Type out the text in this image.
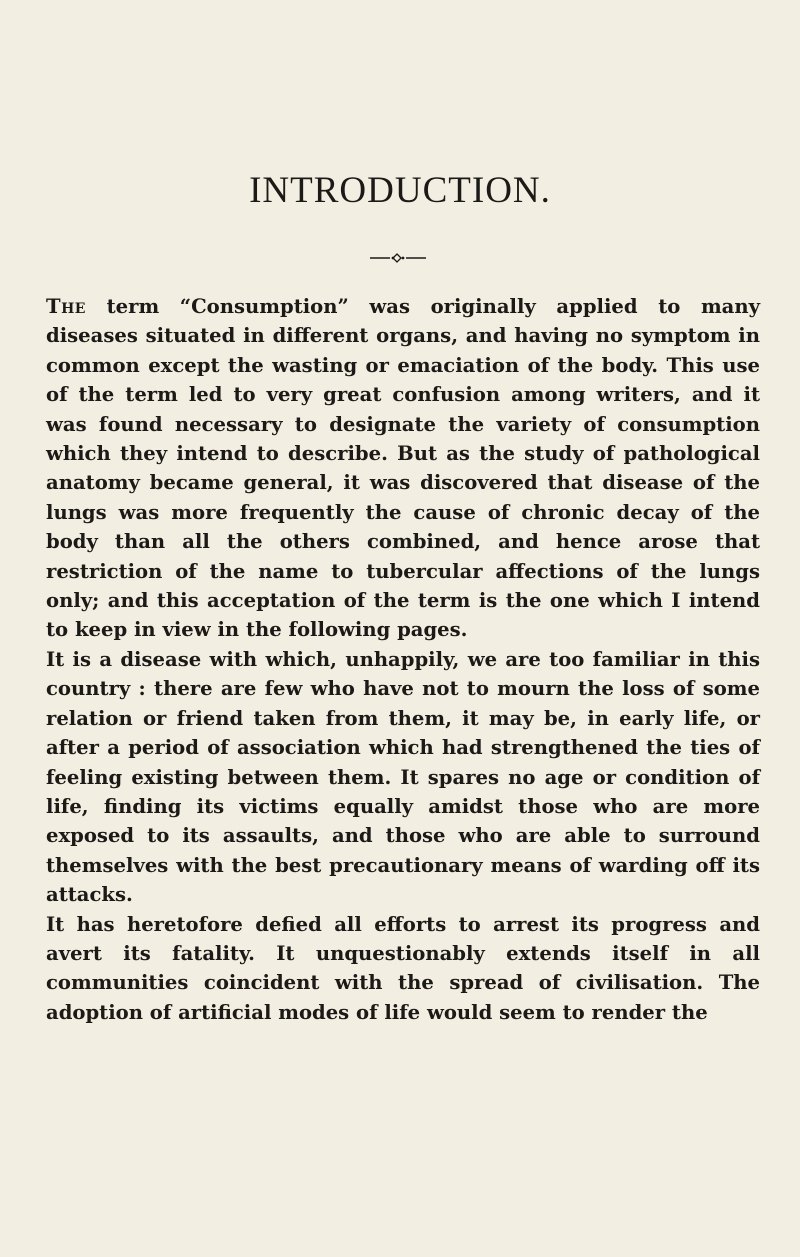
INTRODUCTION.

The term “Consumption” was originally applied to many diseases situated in different organs, and having no symptom in common except the wasting or emaciation of the body. This use of the term led to very great confusion among writers, and it was found necessary to designate the variety of consumption which they intend to describe. But as the study of pathological anatomy became general, it was discovered that disease of the lungs was more frequently the cause of chronic decay of the body than all the others combined, and hence arose that restriction of the name to tubercular affections of the lungs only; and this acceptation of the term is the one which I intend to keep in view in the following pages.

It is a disease with which, unhappily, we are too familiar in this country : there are few who have not to mourn the loss of some relation or friend taken from them, it may be, in early life, or after a period of association which had strengthened the ties of feeling existing between them. It spares no age or condition of life, finding its victims equally amidst those who are more exposed to its assaults, and those who are able to surround themselves with the best precautionary means of warding off its attacks.

It has heretofore defied all efforts to arrest its progress and avert its fatality. It unquestionably extends itself in all communities coincident with the spread of civilisation. The adoption of artificial modes of life would seem to render the
